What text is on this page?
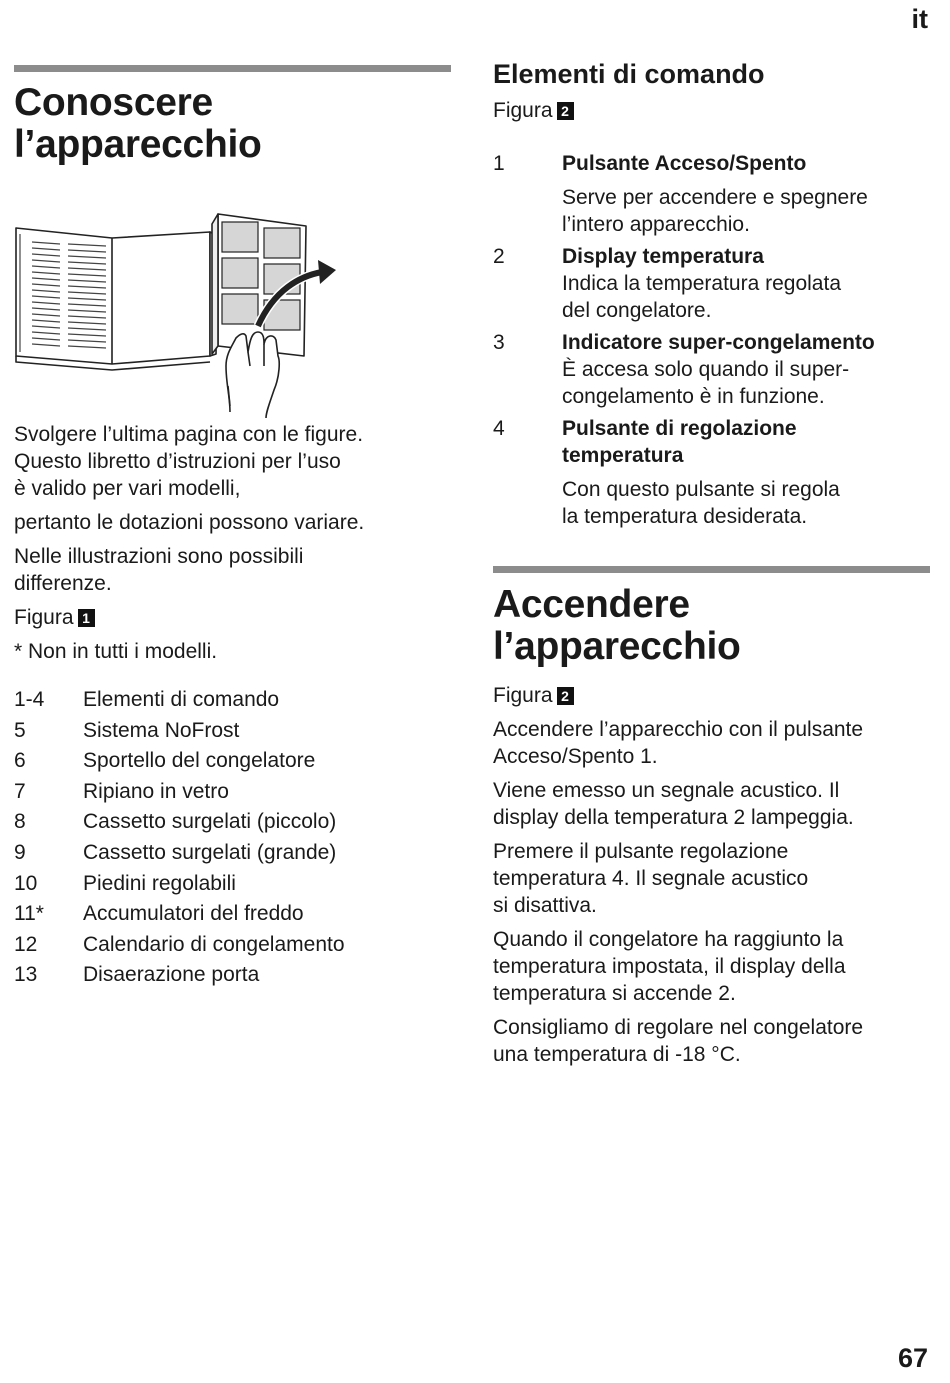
it
Conoscere
l’apparecchio

Svolgere l’ultima pagina con le figure.
Questo libretto d’istruzioni per l’uso
è valido per vari modelli,

pertanto le dotazioni possono variare.

Nelle illustrazioni sono possibili
differenze.

Figura 1

* Non in tutti i modelli.

1-4	Elementi di comando
5	Sistema NoFrost
6	Sportello del congelatore
7	Ripiano in vetro
8	Cassetto surgelati (piccolo)
9	Cassetto surgelati (grande)
10	Piedini regolabili
11*	Accumulatori del freddo
12	Calendario di congelamento
13	Disaerazione porta
Elementi di comando
Figura 2
1	Pulsante Acceso/Spento
Serve per accendere e spegnere
l’intero apparecchio.
2	Display temperatura
Indica la temperatura regolata
del congelatore.
3	Indicatore super-congelamento
È accesa solo quando il super-
congelamento è in funzione.
4	Pulsante di regolazione
temperatura
Con questo pulsante si regola
la temperatura desiderata.
Accendere
l’apparecchio

Figura 2

Accendere l’apparecchio con il pulsante
Acceso/Spento 1.

Viene emesso un segnale acustico. Il
display della temperatura 2 lampeggia.

Premere il pulsante regolazione
temperatura 4. Il segnale acustico
si disattiva.

Quando il congelatore ha raggiunto la
temperatura impostata, il display della
temperatura si accende 2.

Consigliamo di regolare nel congelatore
una temperatura di -18 °C.

67
